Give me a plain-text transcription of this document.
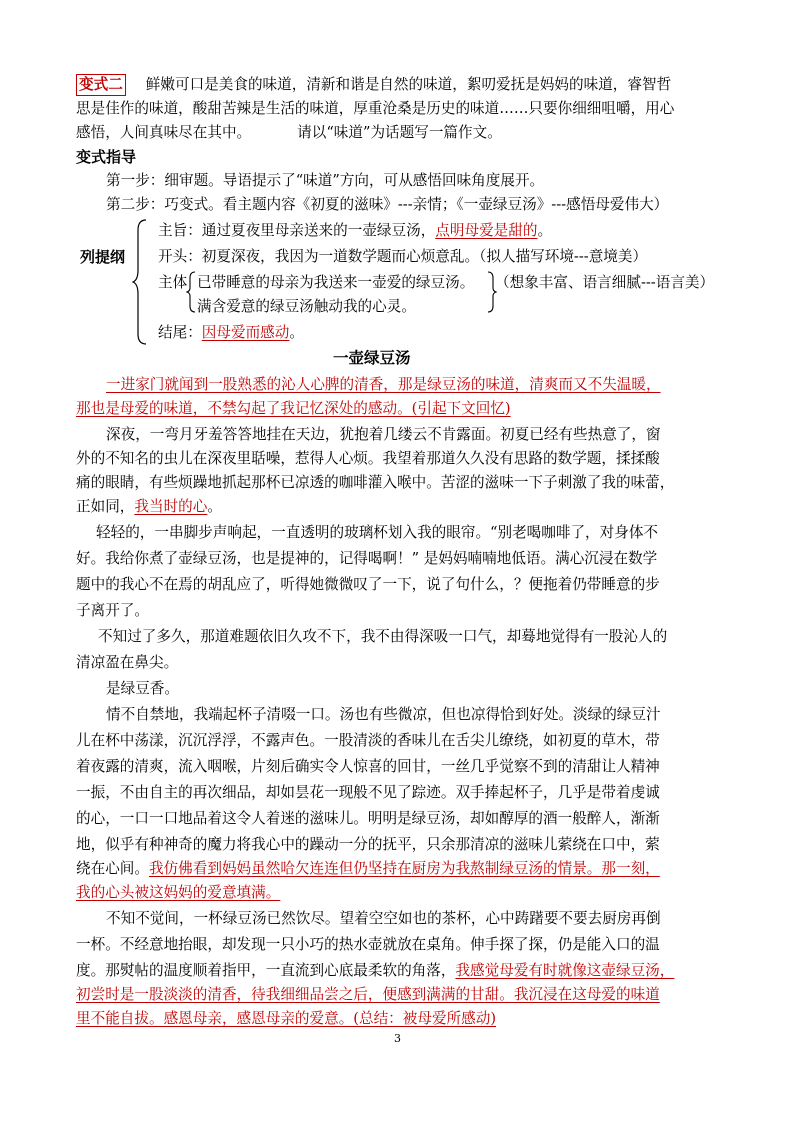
变式二 鲜嫩可口是美食的味道，清新和谐是自然的味道，絮叨爱抚是妈妈的味道，睿智哲
思是佳作的味道，酸甜苦辣是生活的味道，厚重沧桑是历史的味道……只要你细细咀嚼，用心
感悟，人间真味尽在其中。	请以“味道”为话题写一篇作文。
变式指导
第一步：细审题。导语提示了“味道”方向，可从感悟回味角度展开。
第二步：巧变式。看主题内容《初夏的滋味》---亲情；《一壶绿豆汤》---感悟母爱伟大）
列提纲
主旨：通过夏夜里母亲送来的一壶绿豆汤，点明母爱是甜的。
开头：初夏深夜，我因为一道数学题而心烦意乱。（拟人描写环境---意境美）
主体 已带睡意的母亲为我送来一壶爱的绿豆汤。
满含爱意的绿豆汤触动我的心灵。
（想象丰富、语言细腻---语言美）
结尾：因母爱而感动。
一壶绿豆汤
一进家门就闻到一股熟悉的沁人心脾的清香，那是绿豆汤的味道，清爽而又不失温暖，
那也是母爱的味道，不禁勾起了我记忆深处的感动。(引起下文回忆)
深夜，一弯月牙羞答答地挂在天边，犹抱着几缕云不肯露面。初夏已经有些热意了，窗
外的不知名的虫儿在深夜里聒噪，惹得人心烦。我望着那道久久没有思路的数学题，揉揉酸
痛的眼睛，有些烦躁地抓起那杯已凉透的咖啡灌入喉中。苦涩的滋味一下子刺激了我的味蕾，
正如同，我当时的心。
轻轻的，一串脚步声响起，一直透明的玻璃杯划入我的眼帘。“别老喝咖啡了，对身体不
好。我给你煮了壶绿豆汤，也是提神的，记得喝啊！” 是妈妈喃喃地低语。满心沉浸在数学
题中的我心不在焉的胡乱应了，听得她微微叹了一下，说了句什么，？便拖着仍带睡意的步
子离开了。
不知过了多久，那道难题依旧久攻不下，我不由得深吸一口气，却蓦地觉得有一股沁人的
清凉盈在鼻尖。
是绿豆香。
情不自禁地，我端起杯子清啜一口。汤也有些微凉，但也凉得恰到好处。淡绿的绿豆汁
儿在杯中荡漾，沉沉浮浮，不露声色。一股清淡的香味儿在舌尖儿缭绕，如初夏的草木，带
着夜露的清爽，流入咽喉，片刻后确实令人惊喜的回甘，一丝几乎觉察不到的清甜让人精神
一振，不由自主的再次细品，却如昙花一现般不见了踪迹。双手捧起杯子，几乎是带着虔诚
的心，一口一口地品着这令人着迷的滋味儿。明明是绿豆汤，却如醇厚的酒一般醉人，渐渐
地，似乎有种神奇的魔力将我心中的躁动一分的抚平，只余那清凉的滋味儿萦绕在口中，萦
绕在心间。我仿佛看到妈妈虽然哈欠连连但仍坚持在厨房为我熬制绿豆汤的情景。那一刻，
我的心头被这妈妈的爱意填满。
不知不觉间，一杯绿豆汤已然饮尽。望着空空如也的茶杯，心中踌躇要不要去厨房再倒
一杯。不经意地抬眼，却发现一只小巧的热水壶就放在桌角。伸手探了探，仍是能入口的温
度。那熨帖的温度顺着指甲，一直流到心底最柔软的角落，我感觉母爱有时就像这壶绿豆汤，
初尝时是一股淡淡的清香，待我细细品尝之后，便感到满满的甘甜。我沉浸在这母爱的味道
里不能自拔。感恩母亲，感恩母亲的爱意。(总结：被母爱所感动)
3
